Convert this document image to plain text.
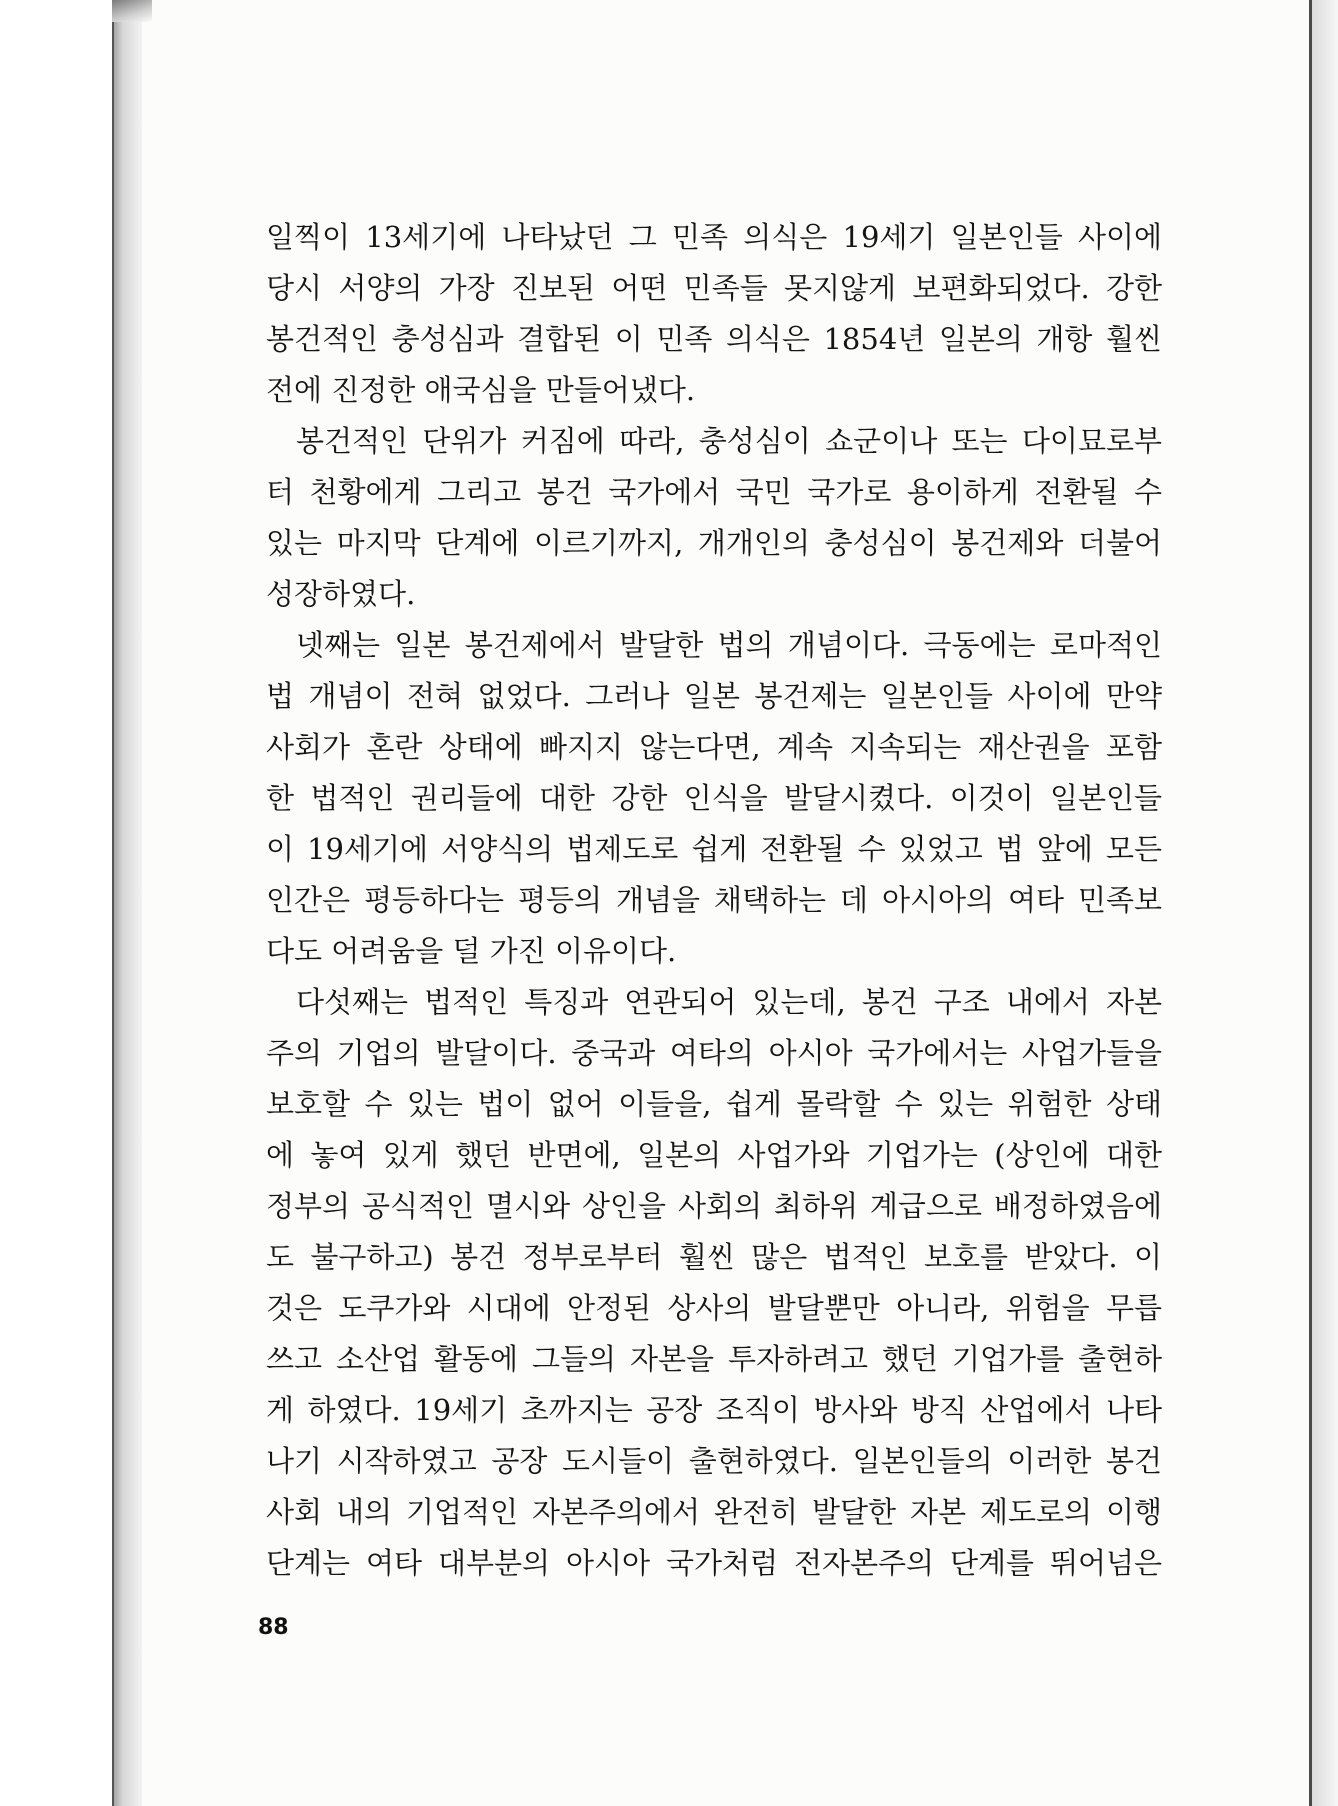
일찍이 13세기에 나타났던 그 민족 의식은 19세기 일본인들 사이에
당시 서양의 가장 진보된 어떤 민족들 못지않게 보편화되었다. 강한
봉건적인 충성심과 결합된 이 민족 의식은 1854년 일본의 개항 훨씬
전에 진정한 애국심을 만들어냈다.
봉건적인 단위가 커짐에 따라, 충성심이 쇼군이나 또는 다이묘로부
터 천황에게 그리고 봉건 국가에서 국민 국가로 용이하게 전환될 수
있는 마지막 단계에 이르기까지, 개개인의 충성심이 봉건제와 더불어
성장하였다.
넷째는 일본 봉건제에서 발달한 법의 개념이다. 극동에는 로마적인
법 개념이 전혀 없었다. 그러나 일본 봉건제는 일본인들 사이에 만약
사회가 혼란 상태에 빠지지 않는다면, 계속 지속되는 재산권을 포함
한 법적인 권리들에 대한 강한 인식을 발달시켰다. 이것이 일본인들
이 19세기에 서양식의 법제도로 쉽게 전환될 수 있었고 법 앞에 모든
인간은 평등하다는 평등의 개념을 채택하는 데 아시아의 여타 민족보
다도 어려움을 덜 가진 이유이다.
다섯째는 법적인 특징과 연관되어 있는데, 봉건 구조 내에서 자본
주의 기업의 발달이다. 중국과 여타의 아시아 국가에서는 사업가들을
보호할 수 있는 법이 없어 이들을, 쉽게 몰락할 수 있는 위험한 상태
에 놓여 있게 했던 반면에, 일본의 사업가와 기업가는 (상인에 대한
정부의 공식적인 멸시와 상인을 사회의 최하위 계급으로 배정하였음에
도 불구하고) 봉건 정부로부터 훨씬 많은 법적인 보호를 받았다. 이
것은 도쿠가와 시대에 안정된 상사의 발달뿐만 아니라, 위험을 무릅
쓰고 소산업 활동에 그들의 자본을 투자하려고 했던 기업가를 출현하
게 하였다. 19세기 초까지는 공장 조직이 방사와 방직 산업에서 나타
나기 시작하였고 공장 도시들이 출현하였다. 일본인들의 이러한 봉건
사회 내의 기업적인 자본주의에서 완전히 발달한 자본 제도로의 이행
단계는 여타 대부분의 아시아 국가처럼 전자본주의 단계를 뛰어넘은
88
